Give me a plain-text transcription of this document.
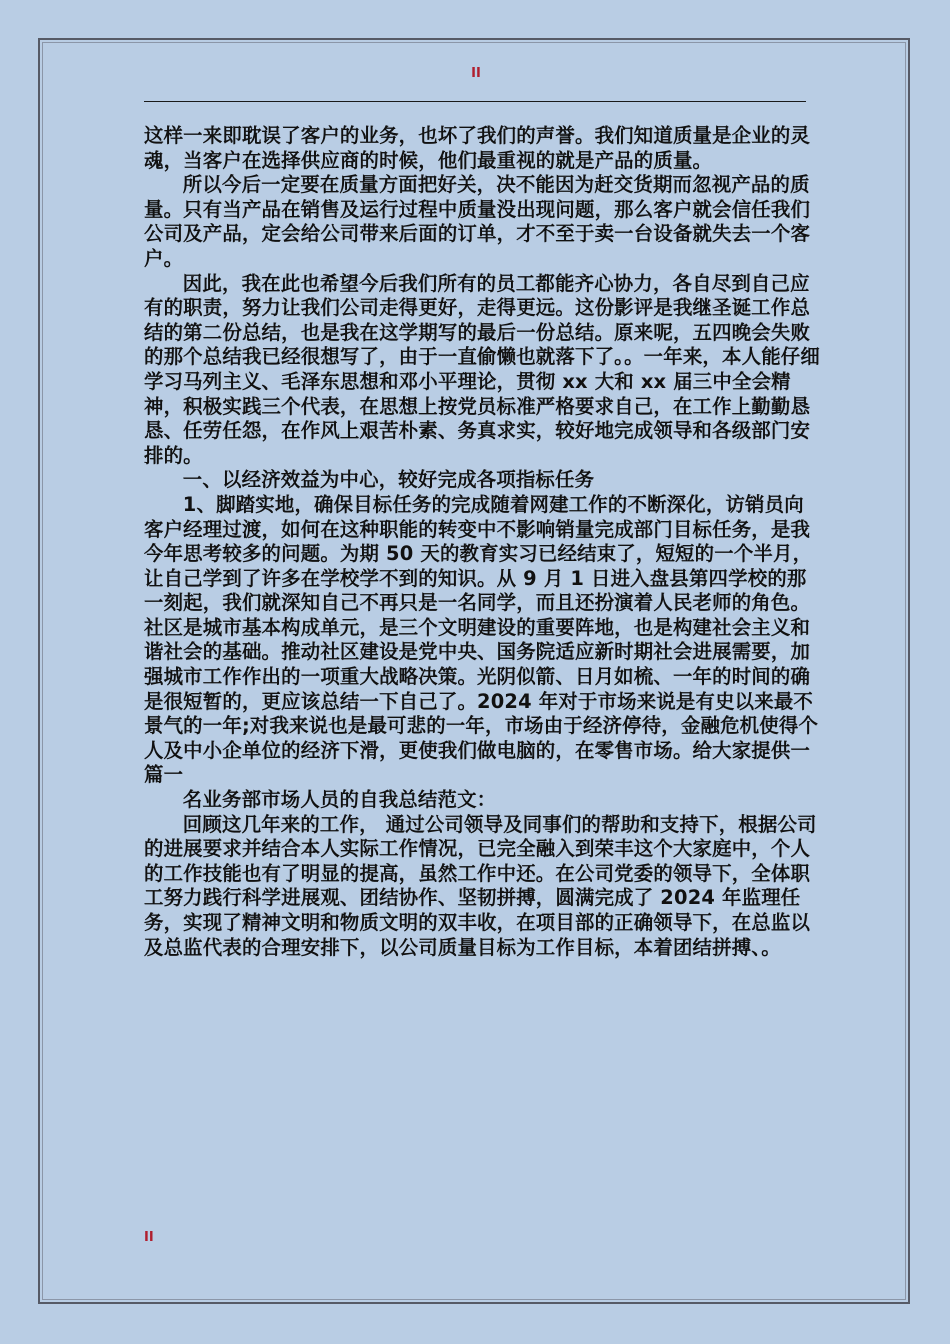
II

这样一来即耽误了客户的业务，也坏了我们的声誉。我们知道质量是企业的灵魂，当客户在选择供应商的时候，他们最重视的就是产品的质量。

所以今后一定要在质量方面把好关，决不能因为赶交货期而忽视产品的质量。只有当产品在销售及运行过程中质量没出现问题，那么客户就会信任我们公司及产品，定会给公司带来后面的订单，才不至于卖一台设备就失去一个客户。

因此，我在此也希望今后我们所有的员工都能齐心协力，各自尽到自己应有的职责，努力让我们公司走得更好，走得更远。这份影评是我继圣诞工作总结的第二份总结，也是我在这学期写的最后一份总结。原来呢，五四晚会失败的那个总结我已经很想写了，由于一直偷懒也就落下了。。一年来，本人能仔细学习马列主义、毛泽东思想和邓小平理论，贯彻 xx 大和 xx 届三中全会精神，积极实践三个代表，在思想上按党员标准严格要求自己，在工作上勤勤恳恳、任劳任怨，在作风上艰苦朴素、务真求实，较好地完成领导和各级部门安排的。

一、以经济效益为中心，较好完成各项指标任务

1、脚踏实地，确保目标任务的完成随着网建工作的不断深化，访销员向客户经理过渡，如何在这种职能的转变中不影响销量完成部门目标任务，是我今年思考较多的问题。为期 50 天的教育实习已经结束了，短短的一个半月，让自己学到了许多在学校学不到的知识。从 9 月 1 日进入盘县第四学校的那一刻起，我们就深知自己不再只是一名同学，而且还扮演着人民老师的角色。社区是城市基本构成单元，是三个文明建设的重要阵地，也是构建社会主义和谐社会的基础。推动社区建设是党中央、国务院适应新时期社会进展需要，加强城市工作作出的一项重大战略决策。光阴似箭、日月如梳、一年的时间的确是很短暂的，更应该总结一下自己了。2024 年对于市场来说是有史以来最不景气的一年;对我来说也是最可悲的一年，市场由于经济停待，金融危机使得个人及中小企单位的经济下滑，更使我们做电脑的，在零售市场。给大家提供一篇一

名业务部市场人员的自我总结范文：

回顾这几年来的工作， 通过公司领导及同事们的帮助和支持下，根据公司的进展要求并结合本人实际工作情况，已完全融入到荣丰这个大家庭中，个人的工作技能也有了明显的提高，虽然工作中还。在公司党委的领导下，全体职工努力践行科学进展观、团结协作、坚韧拼搏，圆满完成了 2024 年监理任务，实现了精神文明和物质文明的双丰收，在项目部的正确领导下，在总监以及总监代表的合理安排下，以公司质量目标为工作目标，本着团结拼搏、。

II
